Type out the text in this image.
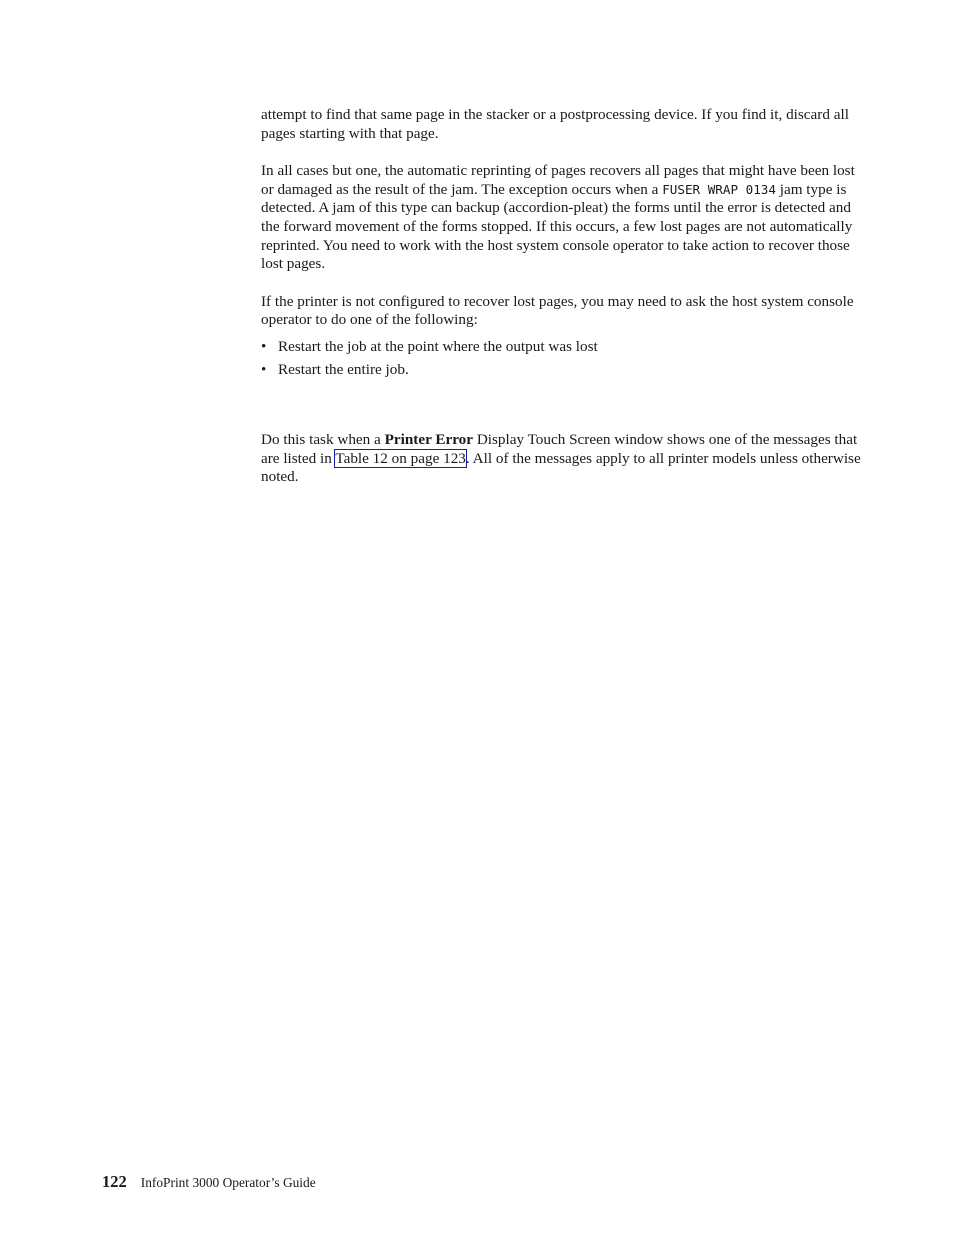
attempt to find that same page in the stacker or a postprocessing device. If you find it, discard all pages starting with that page.

In all cases but one, the automatic reprinting of pages recovers all pages that might have been lost or damaged as the result of the jam. The exception occurs when a FUSER WRAP 0134 jam type is detected. A jam of this type can backup (accordion-pleat) the forms until the error is detected and the forward movement of the forms stopped. If this occurs, a few lost pages are not automatically reprinted. You need to work with the host system console operator to take action to recover those lost pages.

If the printer is not configured to recover lost pages, you may need to ask the host system console operator to do one of the following:

• Restart the job at the point where the output was lost
• Restart the entire job.

Do this task when a Printer Error Display Touch Screen window shows one of the messages that are listed in Table 12 on page 123. All of the messages apply to all printer models unless otherwise noted.

122 InfoPrint 3000 Operator’s Guide
